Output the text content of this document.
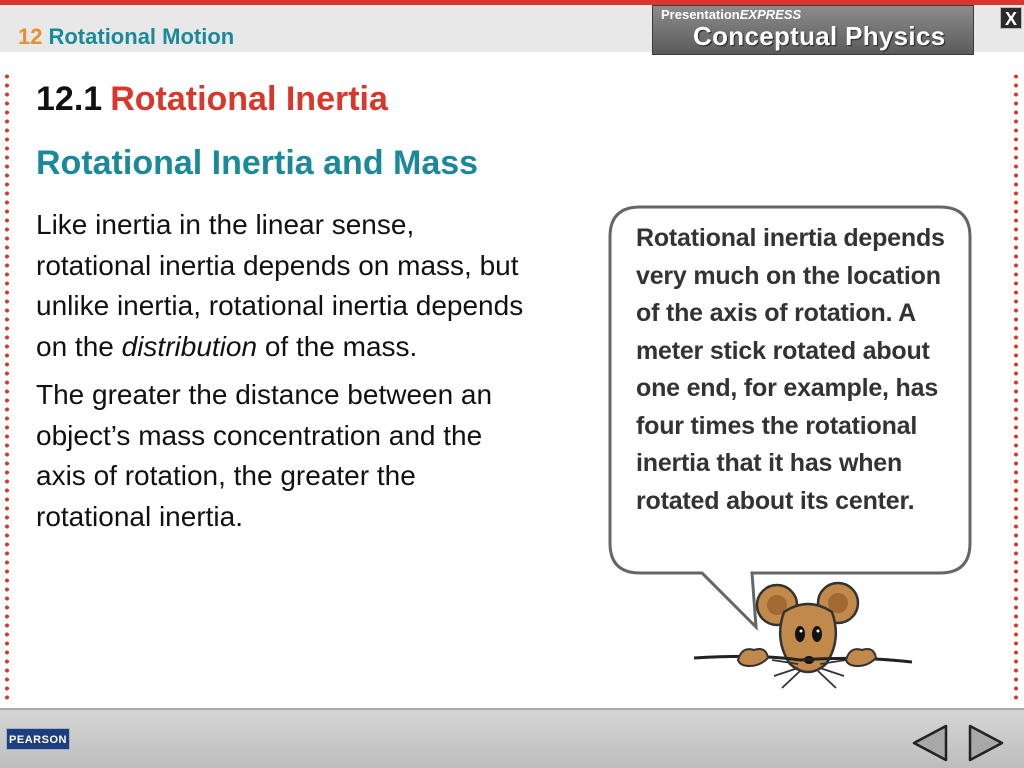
12 Rotational Motion
PresentationEXPRESS
Conceptual Physics
X
12.1 Rotational Inertia
Rotational Inertia and Mass

Like inertia in the linear sense, rotational inertia depends on mass, but unlike inertia, rotational inertia depends on the distribution of the mass.

The greater the distance between an object’s mass concentration and the axis of rotation, the greater the rotational inertia.

Rotational inertia depends very much on the location of the axis of rotation. A meter stick rotated about one end, for example, has four times the rotational inertia that it has when rotated about its center.
PEARSON
